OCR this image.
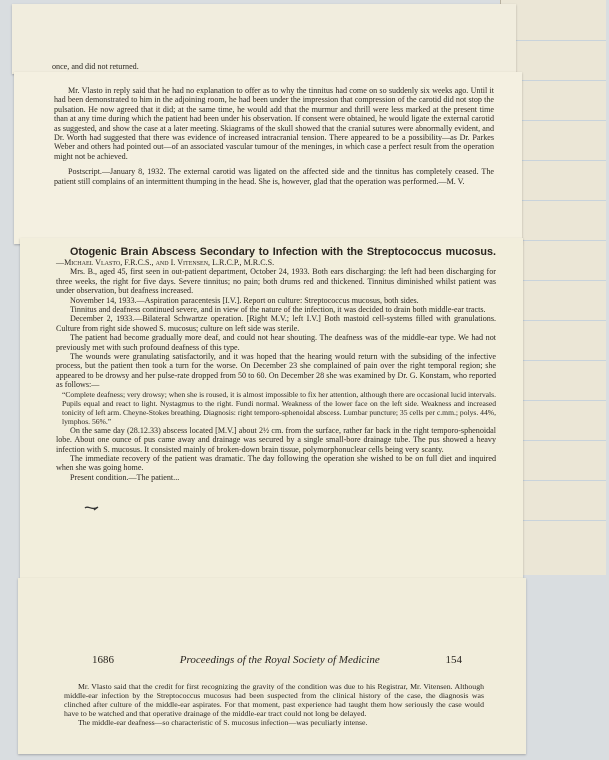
once, and did not returned.

Mr. Vlasto in reply said that he had no explanation to offer as to why the tinnitus had come on so suddenly six weeks ago. Until it had been demonstrated to him in the adjoining room, he had been under the impression that compression of the carotid did not stop the pulsation. He now agreed that it did; at the same time, he would add that the murmur and thrill were less marked at the present time than at any time during which the patient had been under his observation. If consent were obtained, he would ligate the external carotid as suggested, and show the case at a later meeting. Skiagrams of the skull showed that the cranial sutures were abnormally evident, and Dr. Worth had suggested that there was evidence of increased intracranial tension. There appeared to be a possibility—as Dr. Parkes Weber and others had pointed out—of an associated vascular tumour of the meninges, in which case a perfect result from the operation might not be achieved.

Postscript.—January 8, 1932. The external carotid was ligated on the affected side and the tinnitus has completely ceased. The patient still complains of an intermittent thumping in the head. She is, however, glad that the operation was performed.—M. V.

Otogenic Brain Abscess Secondary to Infection with the Streptococcus mucosus.—Michael Vlasto, F.R.C.S., and I. Vitensen, L.R.C.P., M.R.C.S.

Mrs. B., aged 45, first seen in out-patient department, October 24, 1933. Both ears discharging: the left had been discharging for three weeks, the right for five days. Severe tinnitus; no pain; both drums red and thickened. Tinnitus diminished whilst patient was under observation, but deafness increased.

November 14, 1933.—Aspiration paracentesis [I.V.]. Report on culture: Streptococcus mucosus, both sides.

Tinnitus and deafness continued severe, and in view of the nature of the infection, it was decided to drain both middle-ear tracts.

December 2, 1933.—Bilateral Schwartze operation. [Right M.V.; left I.V.] Both mastoid cell-systems filled with granulations. Culture from right side showed S. mucosus; culture on left side was sterile.

The patient had become gradually more deaf, and could not hear shouting. The deafness was of the middle-ear type. We had not previously met with such profound deafness of this type.

The wounds were granulating satisfactorily, and it was hoped that the hearing would return with the subsiding of the infective process, but the patient then took a turn for the worse. On December 23 she complained of pain over the right temporal region; she appeared to be drowsy and her pulse-rate dropped from 50 to 60. On December 28 she was examined by Dr. G. Konstam, who reported as follows:—

“Complete deafness; very drowsy; when she is roused, it is almost impossible to fix her attention, although there are occasional lucid intervals. Pupils equal and react to light. Nystagmus to the right. Fundi normal. Weakness of the lower face on the left side. Weakness and increased tonicity of left arm. Cheyne-Stokes breathing. Diagnosis: right temporo-sphenoidal abscess. Lumbar puncture; 35 cells per c.mm.; polys. 44%, lymphos. 56%.”

On the same day (28.12.33) abscess located [M.V.] about 2½ cm. from the surface, rather far back in the right temporo-sphenoidal lobe. About one ounce of pus came away and drainage was secured by a single small-bore drainage tube. The pus showed a heavy infection with S. mucosus. It consisted mainly of broken-down brain tissue, polymorphonuclear cells being very scanty.

The immediate recovery of the patient was dramatic. The day following the operation she wished to be on full diet and inquired when she was going home.

Present condition.—The patient...

1686	Proceedings of the Royal Society of Medicine	154

Mr. Vlasto said that the credit for first recognizing the gravity of the condition was due to his Registrar, Mr. Vitensen. Although middle-ear infection by the Streptococcus mucosus had been suspected from the clinical history of the case, the diagnosis was clinched after culture of the middle-ear aspirates. For that moment, past experience had taught them how seriously the case would have to be watched and that operative drainage of the middle-ear tract could not long be delayed.

The middle-ear deafness—so characteristic of S. mucosus infection—was peculiarly intense.
